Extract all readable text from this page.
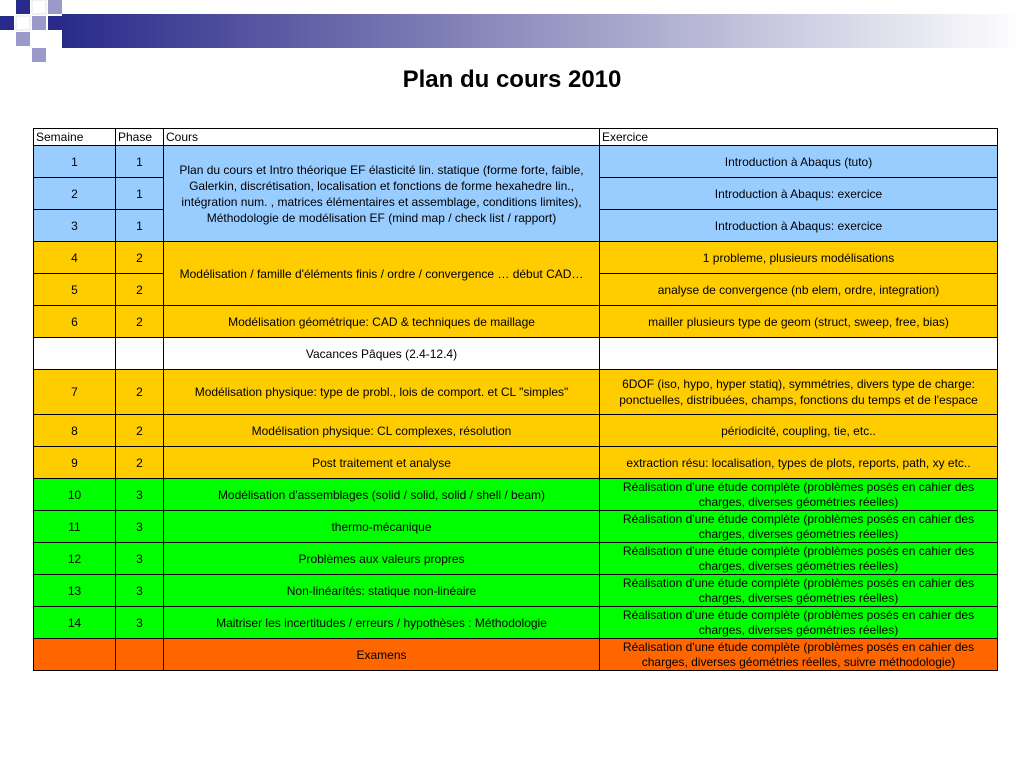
Plan du cours 2010
Semaine	Phase	Cours	Exercice
1	1	Plan du cours et Intro théorique EF élasticité lin. statique (forme forte, faible, Galerkin, discrétisation, localisation et fonctions de forme hexahedre lin., intégration num. , matrices élémentaires et assemblage, conditions limites), Méthodologie de modélisation EF (mind map / check list / rapport)	Introduction à Abaqus (tuto)
2	1		Introduction à Abaqus: exercice
3	1		Introduction à Abaqus: exercice
4	2	Modélisation / famille d'éléments finis / ordre / convergence … début CAD…	1 probleme, plusieurs modélisations
5	2		analyse de convergence (nb elem, ordre, integration)
6	2	Modélisation géométrique: CAD & techniques de maillage	mailler plusieurs type de geom (struct, sweep, free, bias)
		Vacances Pâques (2.4-12.4)	
7	2	Modélisation physique: type de probl., lois de comport. et CL "simples"	6DOF (iso, hypo, hyper statiq), symmétries, divers type de charge: ponctuelles, distribuées, champs, fonctions du temps et de l'espace
8	2	Modélisation physique: CL complexes, résolution	périodicité, coupling, tie, etc..
9	2	Post traitement et analyse	extraction résu: localisation, types de plots, reports, path, xy etc..
10	3	Modélisation d'assemblages (solid / solid, solid / shell / beam)	Réalisation d'une étude complète (problèmes posés en cahier des charges, diverses géométries réelles)
11	3	thermo-mécanique	Réalisation d'une étude complète (problèmes posés en cahier des charges, diverses géométries réelles)
12	3	Problèmes aux valeurs propres	Réalisation d'une étude complète (problèmes posés en cahier des charges, diverses géométries réelles)
13	3	Non-linéarítés: statique non-linéaire	Réalisation d'une étude complète (problèmes posés en cahier des charges, diverses géométries réelles)
14	3	Maitriser les incertitudes / erreurs / hypothèses : Méthodologie	Réalisation d'une étude complète (problèmes posés en cahier des charges, diverses géométries réelles)
		Examens	Réalisation d'une étude complète (problèmes posés en cahier des charges, diverses géométries réelles, suivre méthodologie)
